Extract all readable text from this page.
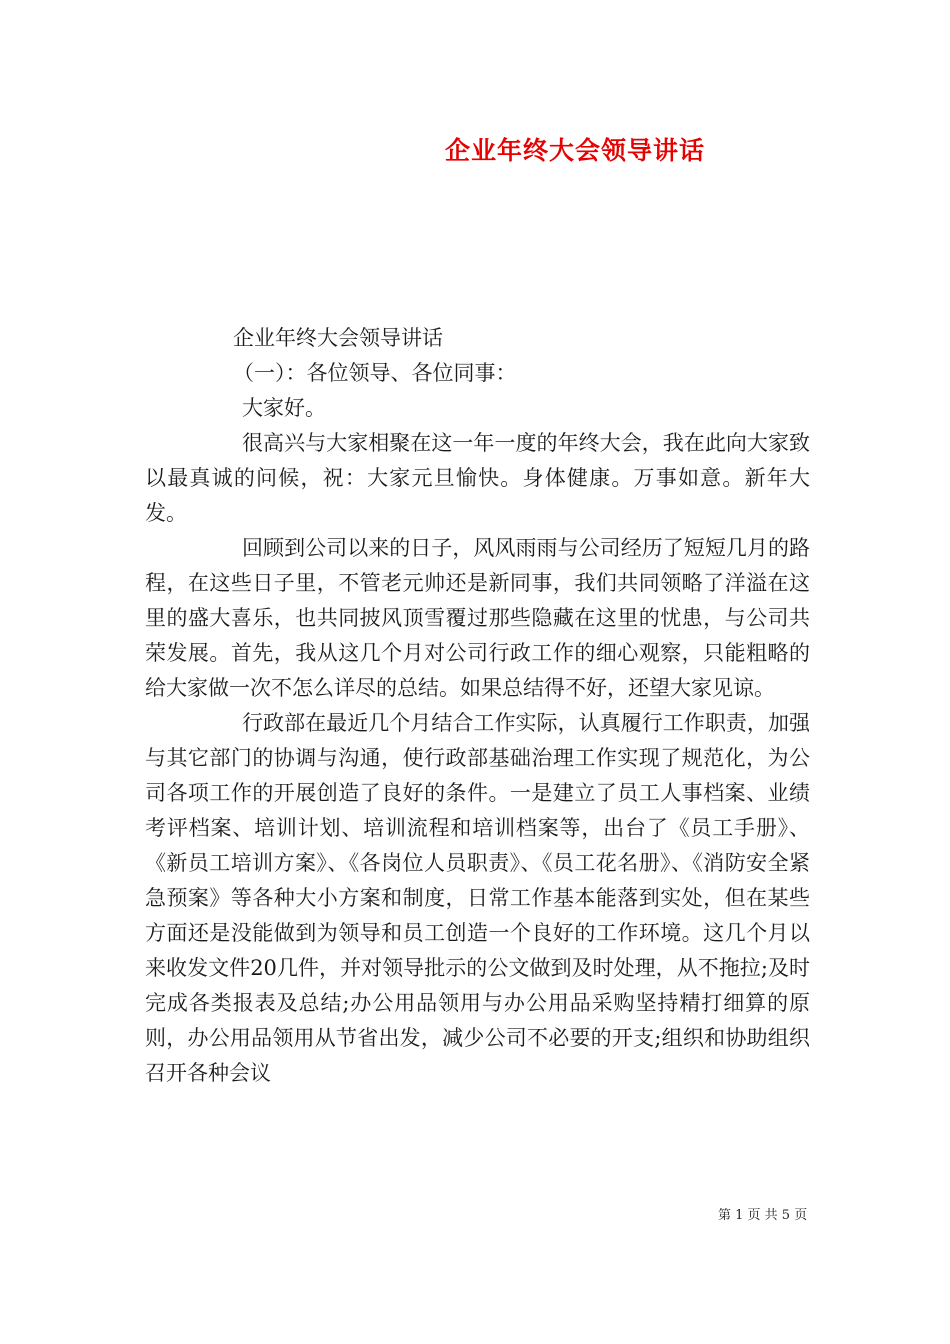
企业年终大会领导讲话

企业年终大会领导讲话

（一）：各位领导、各位同事：

大家好。

很高兴与大家相聚在这一年一度的年终大会，我在此向大家致以最真诚的问候，祝：大家元旦愉快。身体健康。万事如意。新年大发。

回顾到公司以来的日子，风风雨雨与公司经历了短短几月的路程，在这些日子里，不管老元帅还是新同事，我们共同领略了洋溢在这里的盛大喜乐，也共同披风顶雪覆过那些隐藏在这里的忧患，与公司共荣发展。首先，我从这几个月对公司行政工作的细心观察，只能粗略的给大家做一次不怎么详尽的总结。如果总结得不好，还望大家见谅。

行政部在最近几个月结合工作实际，认真履行工作职责，加强与其它部门的协调与沟通，使行政部基础治理工作实现了规范化，为公司各项工作的开展创造了良好的条件。一是建立了员工人事档案、业绩考评档案、培训计划、培训流程和培训档案等，出台了《员工手册》、《新员工培训方案》、《各岗位人员职责》、《员工花名册》、《消防安全紧急预案》等各种大小方案和制度，日常工作基本能落到实处，但在某些方面还是没能做到为领导和员工创造一个良好的工作环境。这几个月以来收发文件20几件，并对领导批示的公文做到及时处理，从不拖拉;及时完成各类报表及总结;办公用品领用与办公用品采购坚持精打细算的原则，办公用品领用从节省出发，减少公司不必要的开支;组织和协助组织召开各种会议

第 1 页 共 5 页
